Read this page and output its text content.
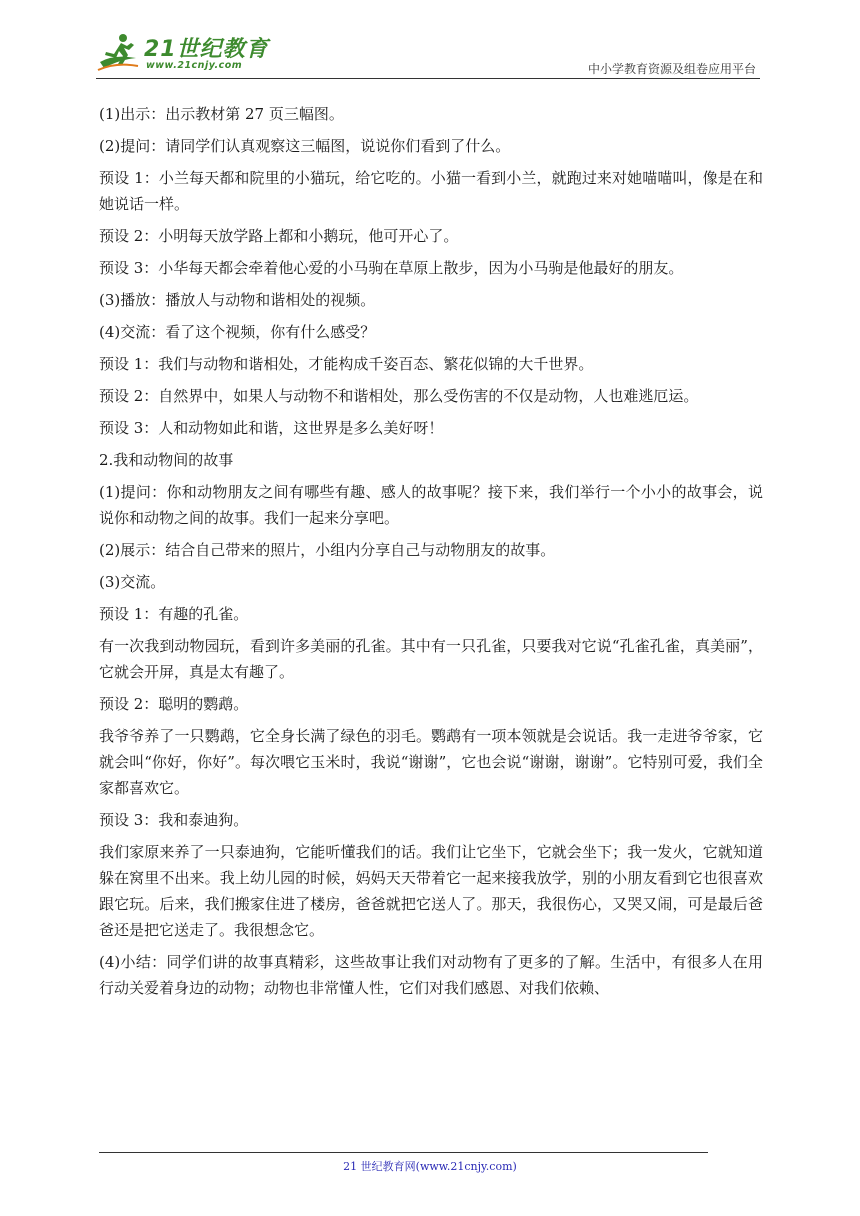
21世纪教育
www.21cnjy.com	中小学教育资源及组卷应用平台

(1)出示：出示教材第 27 页三幅图。

(2)提问：请同学们认真观察这三幅图，说说你们看到了什么。

预设 1：小兰每天都和院里的小猫玩，给它吃的。小猫一看到小兰，就跑过来对她喵喵叫，像是在和她说话一样。

预设 2：小明每天放学路上都和小鹅玩，他可开心了。

预设 3：小华每天都会牵着他心爱的小马驹在草原上散步，因为小马驹是他最好的朋友。

(3)播放：播放人与动物和谐相处的视频。

(4)交流：看了这个视频，你有什么感受？

预设 1：我们与动物和谐相处，才能构成千姿百态、繁花似锦的大千世界。

预设 2：自然界中，如果人与动物不和谐相处，那么受伤害的不仅是动物，人也难逃厄运。

预设 3：人和动物如此和谐，这世界是多么美好呀！

2.我和动物间的故事

(1)提问：你和动物朋友之间有哪些有趣、感人的故事呢？接下来，我们举行一个小小的故事会，说说你和动物之间的故事。我们一起来分享吧。

(2)展示：结合自己带来的照片，小组内分享自己与动物朋友的故事。

(3)交流。

预设 1：有趣的孔雀。

有一次我到动物园玩，看到许多美丽的孔雀。其中有一只孔雀，只要我对它说“孔雀孔雀，真美丽”，它就会开屏，真是太有趣了。

预设 2：聪明的鹦鹉。

我爷爷养了一只鹦鹉，它全身长满了绿色的羽毛。鹦鹉有一项本领就是会说话。我一走进爷爷家，它就会叫“你好，你好”。每次喂它玉米时，我说“谢谢”，它也会说“谢谢，谢谢”。它特别可爱，我们全家都喜欢它。

预设 3：我和泰迪狗。

我们家原来养了一只泰迪狗，它能听懂我们的话。我们让它坐下，它就会坐下；我一发火，它就知道躲在窝里不出来。我上幼儿园的时候，妈妈天天带着它一起来接我放学，别的小朋友看到它也很喜欢跟它玩。后来，我们搬家住进了楼房，爸爸就把它送人了。那天，我很伤心，又哭又闹，可是最后爸爸还是把它送走了。我很想念它。

(4)小结：同学们讲的故事真精彩，这些故事让我们对动物有了更多的了解。生活中，有很多人在用行动关爱着身边的动物；动物也非常懂人性，它们对我们感恩、对我们依赖、

21 世纪教育网(www.21cnjy.com)
